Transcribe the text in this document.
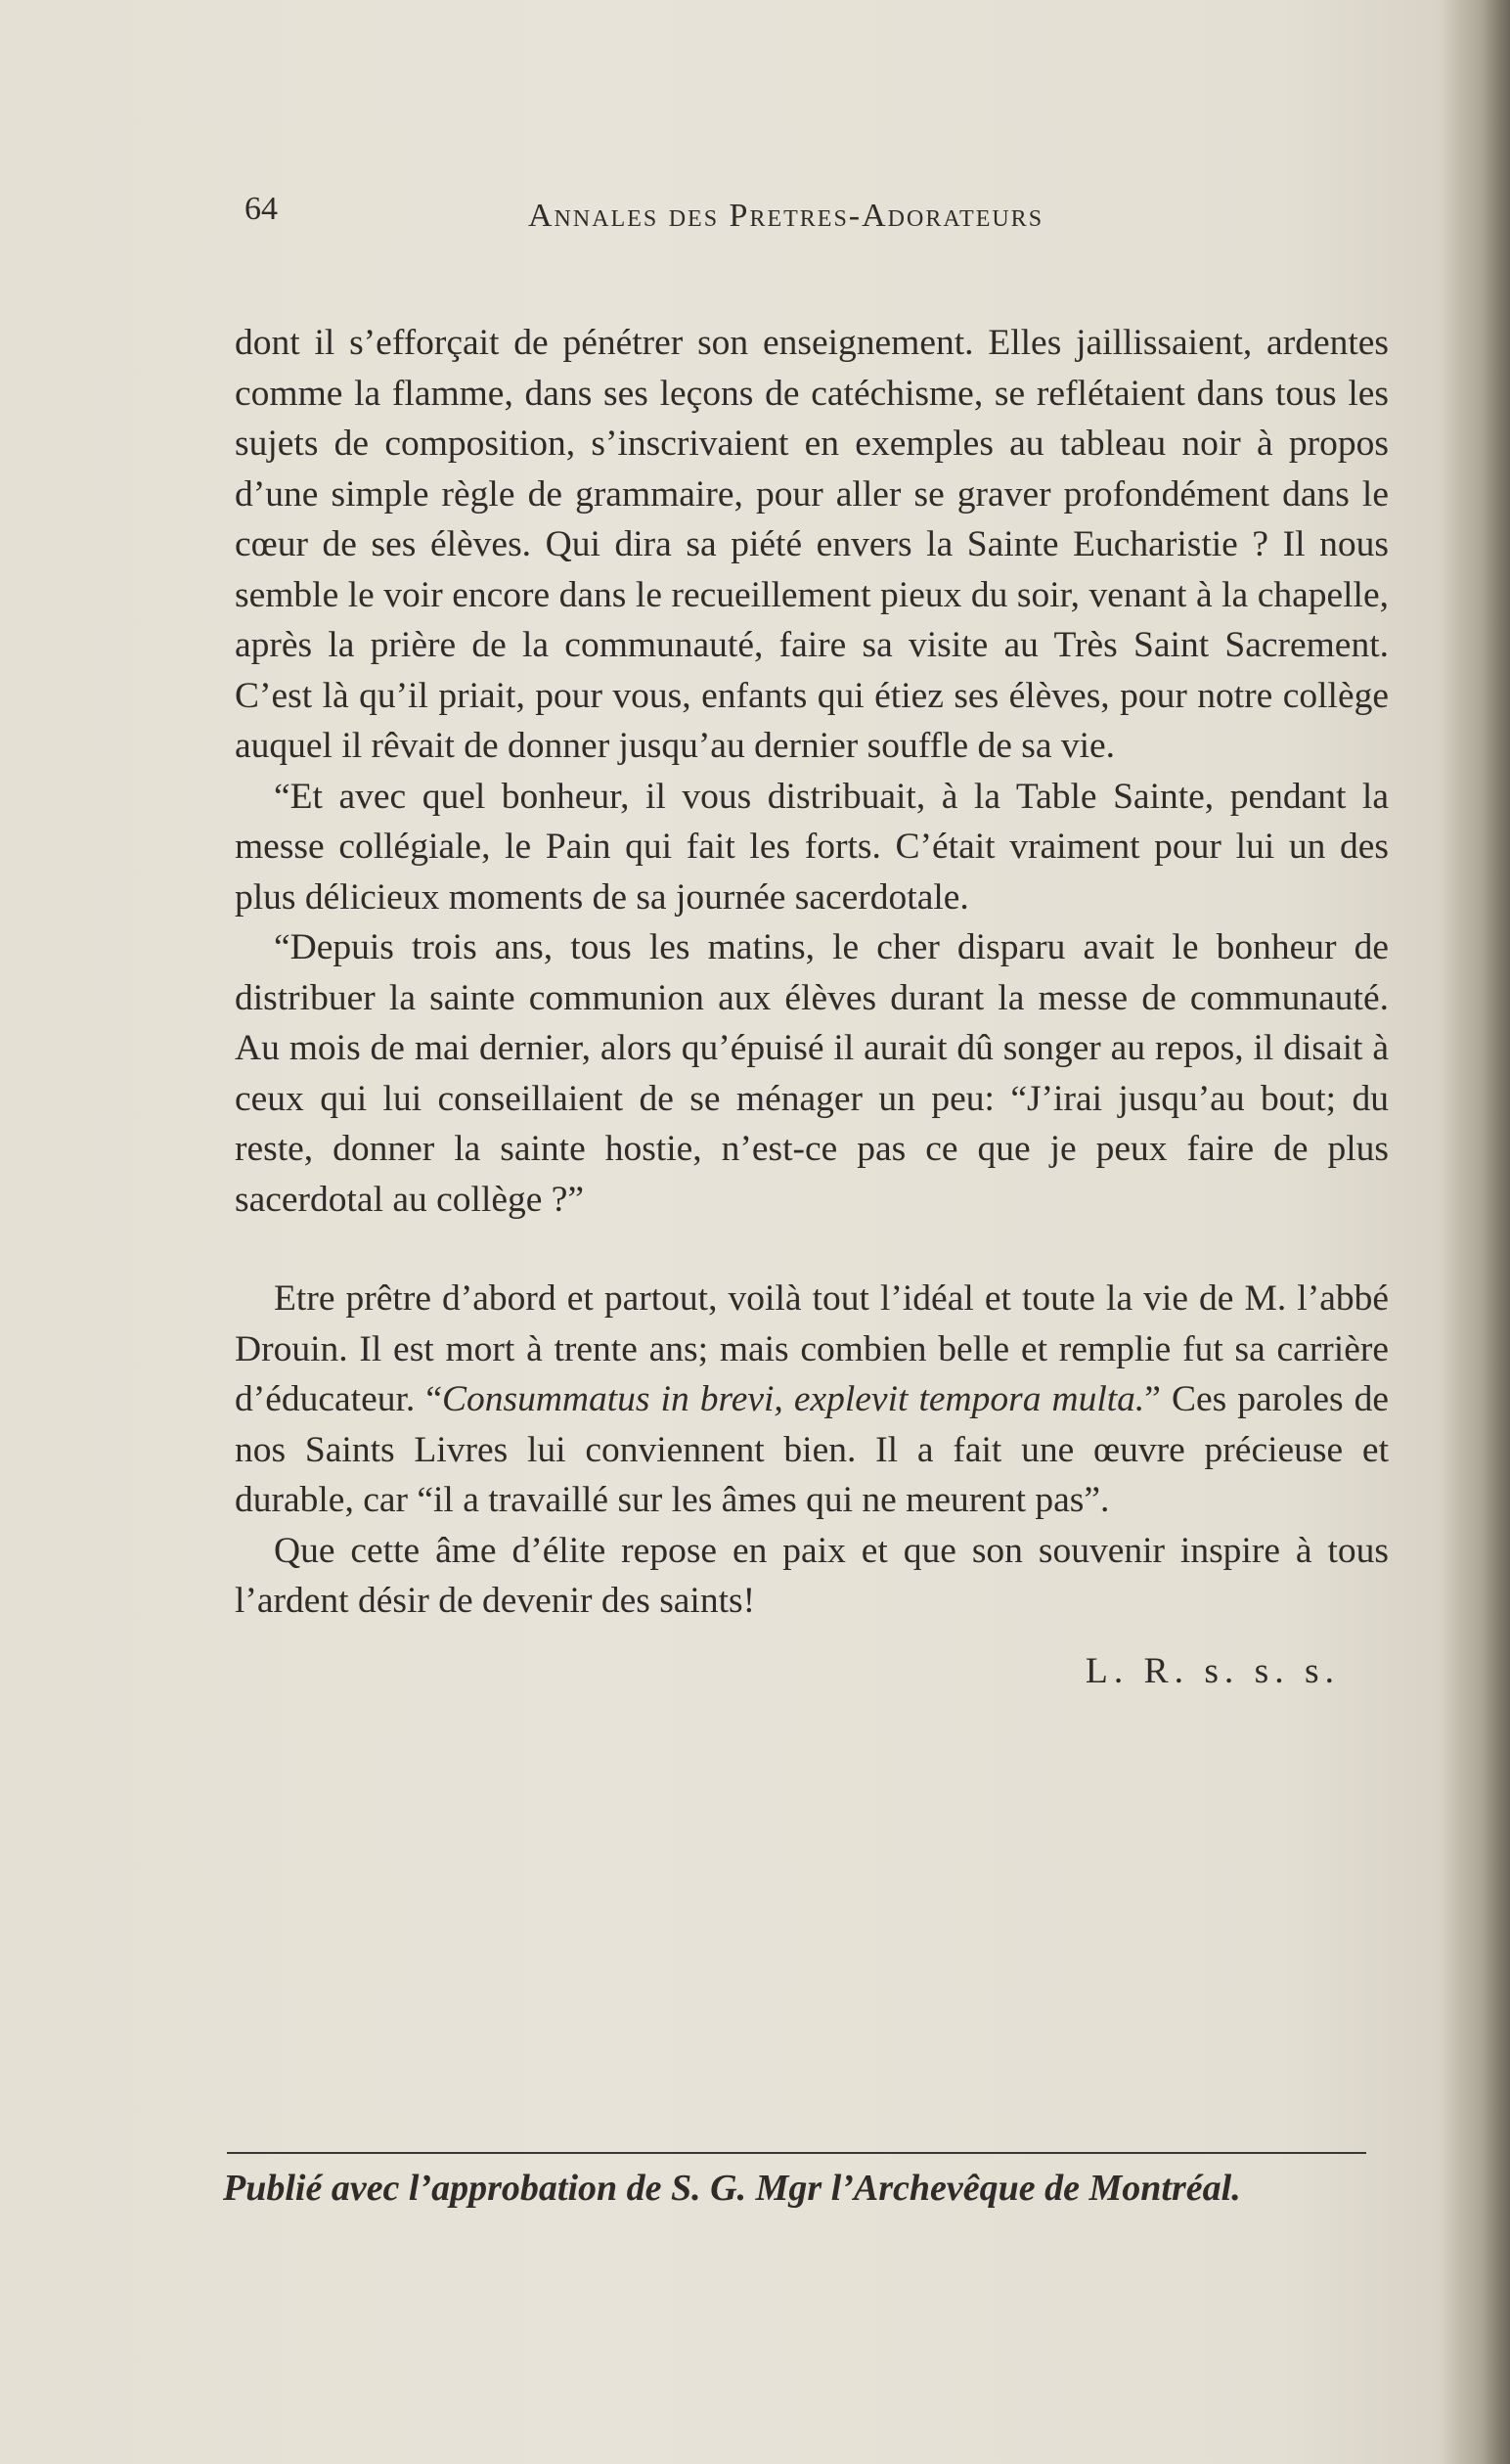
64	Annales des Pretres-Adorateurs

dont il s’efforçait de pénétrer son enseignement. Elles jaillissaient, ardentes comme la flamme, dans ses leçons de catéchisme, se reflétaient dans tous les sujets de composition, s’inscrivaient en exemples au tableau noir à propos d’une simple règle de grammaire, pour aller se graver profondément dans le cœur de ses élèves. Qui dira sa piété envers la Sainte Eucharistie ? Il nous semble le voir encore dans le recueillement pieux du soir, venant à la chapelle, après la prière de la communauté, faire sa visite au Très Saint Sacrement. C’est là qu’il priait, pour vous, enfants qui étiez ses élèves, pour notre collège auquel il rêvait de donner jusqu’au dernier souffle de sa vie.

“Et avec quel bonheur, il vous distribuait, à la Table Sainte, pendant la messe collégiale, le Pain qui fait les forts. C’était vraiment pour lui un des plus délicieux moments de sa journée sacerdotale.

“Depuis trois ans, tous les matins, le cher disparu avait le bonheur de distribuer la sainte communion aux élèves durant la messe de communauté. Au mois de mai dernier, alors qu’épuisé il aurait dû songer au repos, il disait à ceux qui lui conseillaient de se ménager un peu: “J’irai jusqu’au bout; du reste, donner la sainte hostie, n’est-ce pas ce que je peux faire de plus sacerdotal au collège ?”

Etre prêtre d’abord et partout, voilà tout l’idéal et toute la vie de M. l’abbé Drouin. Il est mort à trente ans; mais combien belle et remplie fut sa carrière d’éducateur. “Consummatus in brevi, explevit tempora multa.” Ces paroles de nos Saints Livres lui conviennent bien. Il a fait une œuvre précieuse et durable, car “il a travaillé sur les âmes qui ne meurent pas”.

Que cette âme d’élite repose en paix et que son souvenir inspire à tous l’ardent désir de devenir des saints!

L. R. s. s. s.

Publié avec l’approbation de S. G. Mgr l’Archevêque de Montréal.
